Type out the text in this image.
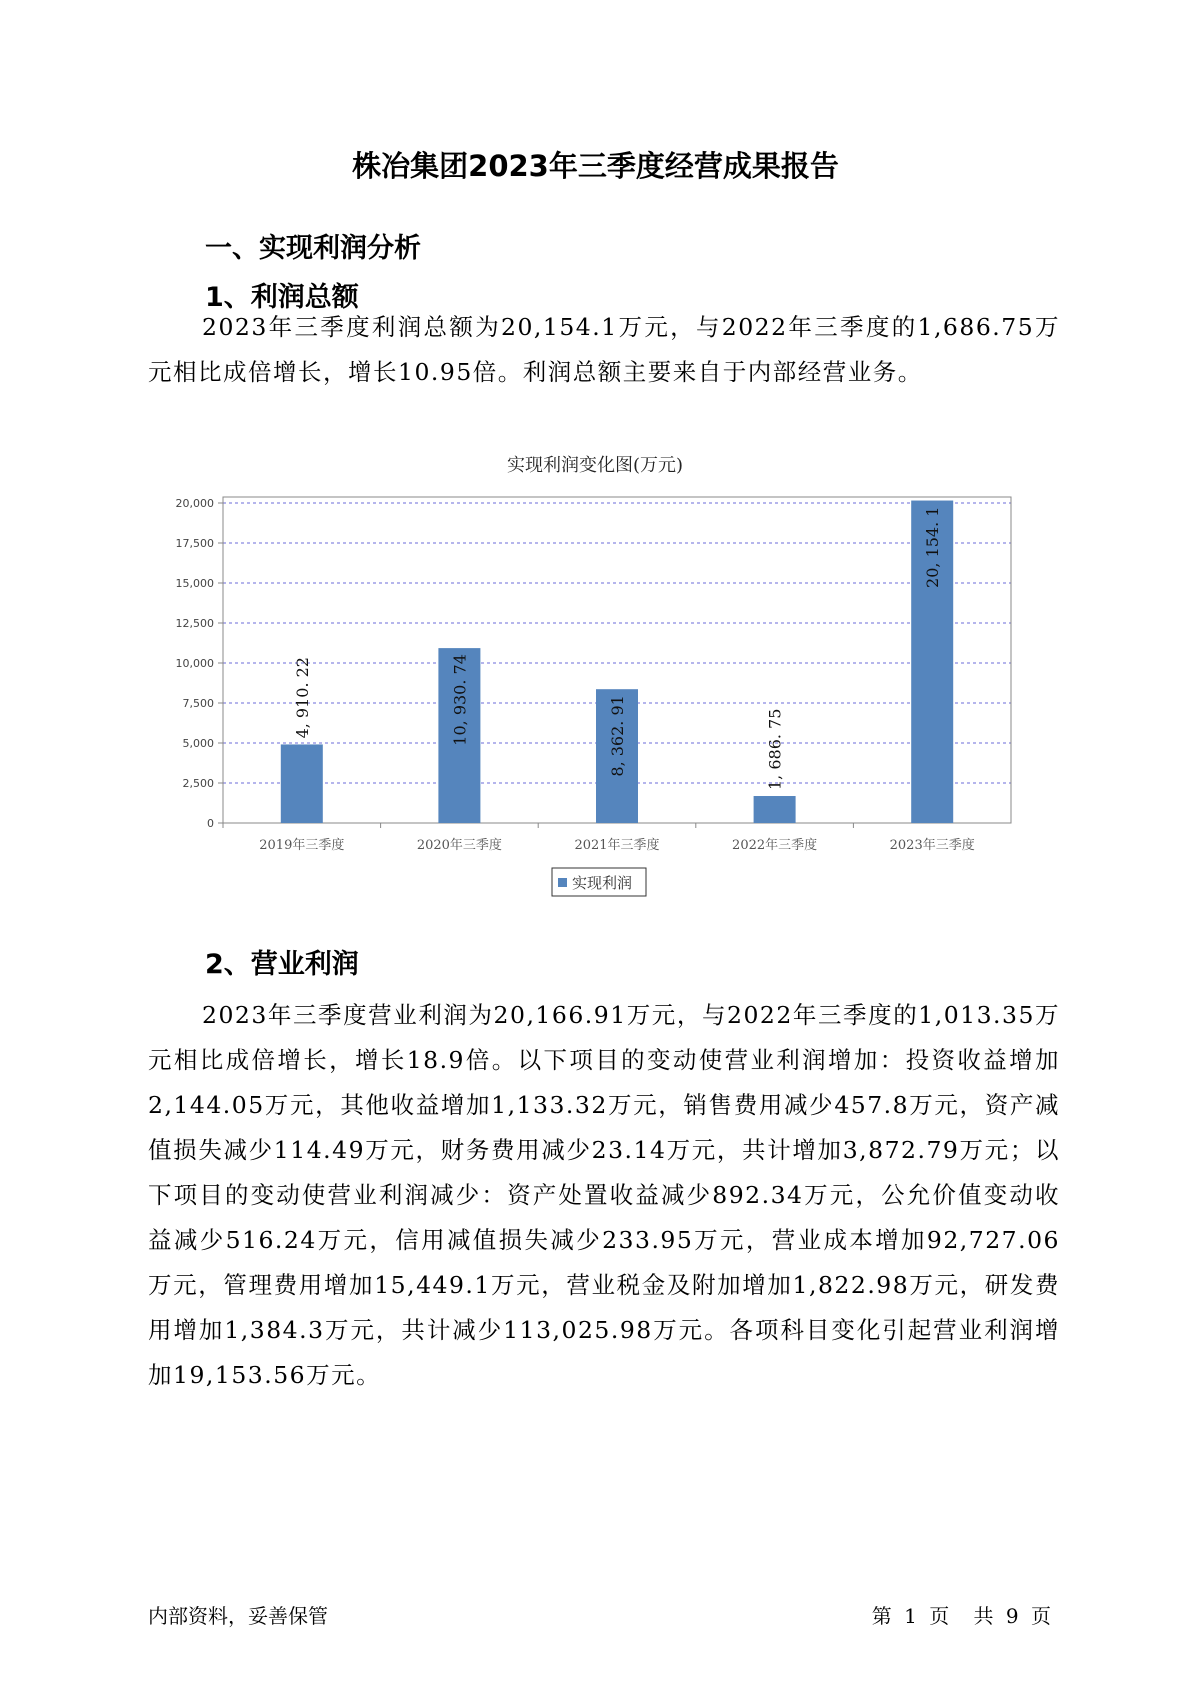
株冶集团2023年三季度经营成果报告
一、实现利润分析
1、利润总额

2023年三季度利润总额为20,154.1万元，与2022年三季度的1,686.75万元相比成倍增长，增长10.95倍。利润总额主要来自于内部经营业务。

实现利润变化图(万元)
0
2,500
5,000
7,500
10,000
12,500
15,000
17,500
20,000
2019年三季度	2020年三季度	2021年三季度	2022年三季度	2023年三季度
4, 910. 22	10, 930. 74	8, 362. 91	1, 686. 75
20, 154. 1
实现利润
2、营业利润

2023年三季度营业利润为20,166.91万元，与2022年三季度的1,013.35万元相比成倍增长，增长18.9倍。以下项目的变动使营业利润增加：投资收益增加2,144.05万元，其他收益增加1,133.32万元，销售费用减少457.8万元，资产减值损失减少114.49万元，财务费用减少23.14万元，共计增加3,872.79万元；以下项目的变动使营业利润减少：资产处置收益减少892.34万元，公允价值变动收益减少516.24万元，信用减值损失减少233.95万元，营业成本增加92,727.06万元，管理费用增加15,449.1万元，营业税金及附加增加1,822.98万元，研发费用增加1,384.3万元，共计减少113,025.98万元。各项科目变化引起营业利润增加19,153.56万元。

内部资料，妥善保管	第 1 页 共 9 页
